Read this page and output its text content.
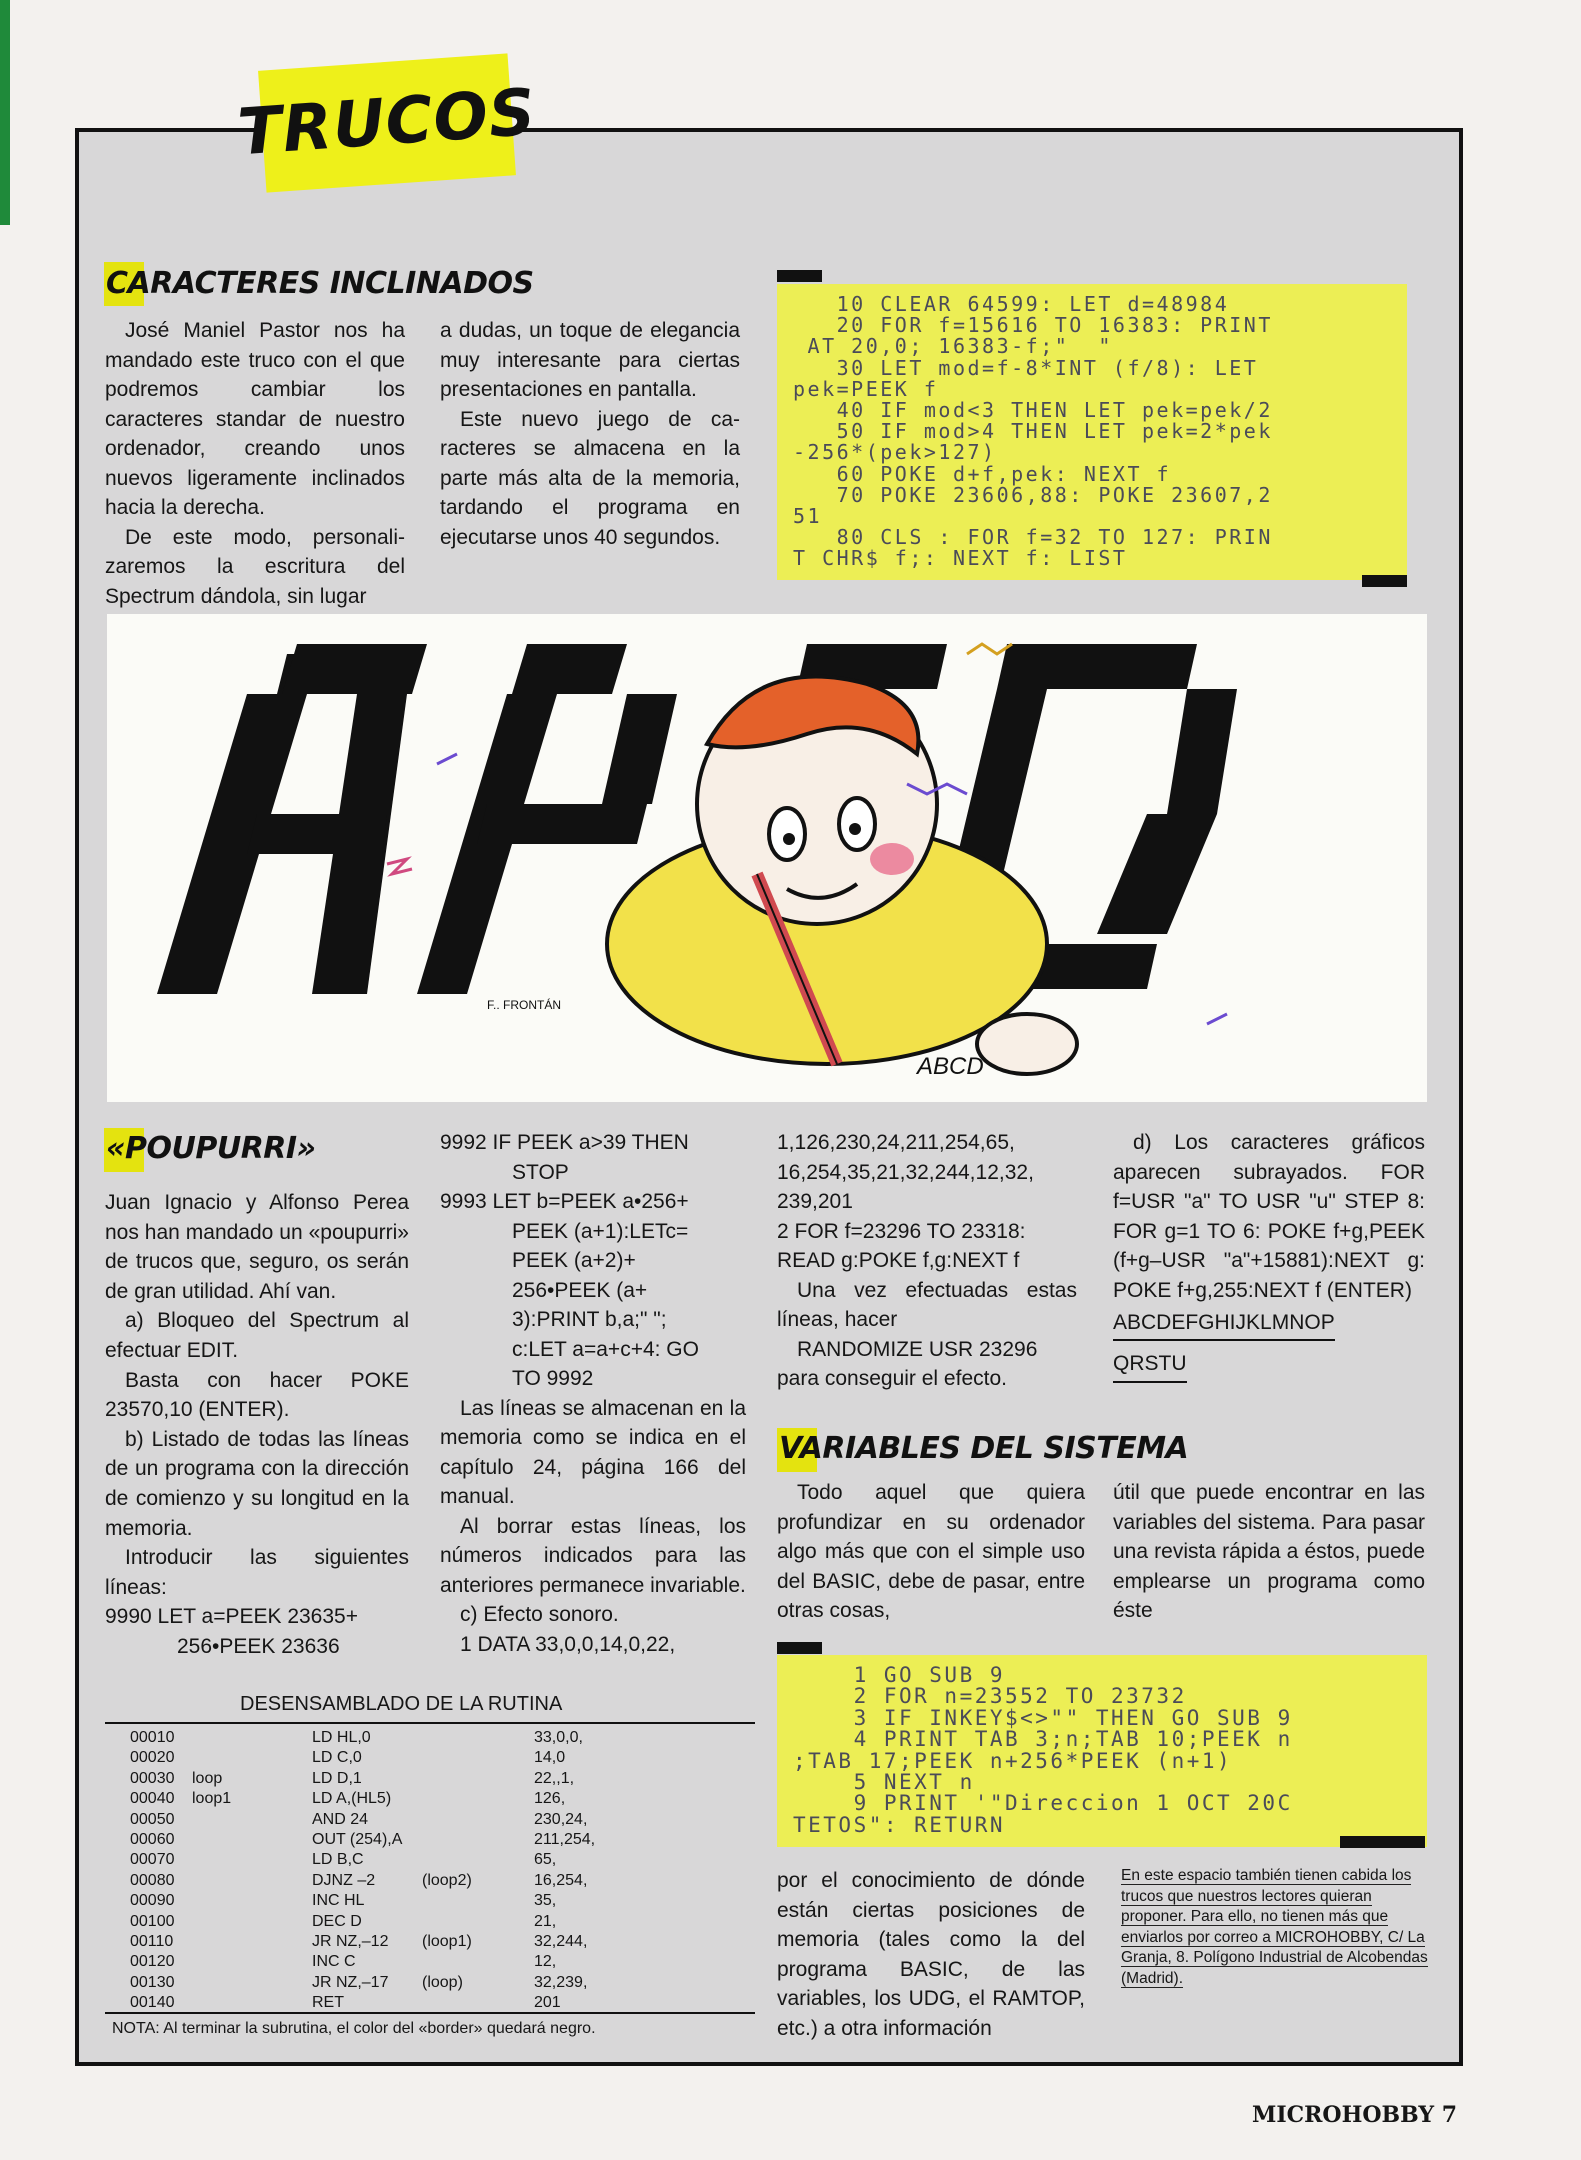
TRUCOS
CARACTERES INCLINADOS

José Maniel Pastor nos ha mandado este truco con el que podremos cambiar los caracteres standar de nuestro ordenador, creando unos nuevos ligeramente inclinados hacia la derecha.

De este modo, personalizaremos la escritura del Spectrum dándola, sin lugar

a dudas, un toque de elegancia muy interesante para ciertas presentaciones en pantalla.

Este nuevo juego de caracteres se almacena en la parte más alta de la memoria, tardando el programa en ejecutarse unos 40 segundos.

10 CLEAR 64599: LET d=48984
20 FOR f=15616 TO 16383: PRINT
AT 20,0; 16383-f;"  "
30 LET mod=f-8*INT (f/8): LET
pek=PEEK f
40 IF mod<3 THEN LET pek=pek/2
50 IF mod>4 THEN LET pek=2*pek
-256*(pek>127)
60 POKE d+f,pek: NEXT f
70 POKE 23606,88: POKE 23607,2
51
80 CLS : FOR f=32 TO 127: PRIN
T CHR$ f;: NEXT f: LIST
ABCD
F.. FRONTÁN
«POUPURRI»

Juan Ignacio y Alfonso Perea nos han mandado un «poupurri» de trucos que, seguro, os serán de gran utilidad. Ahí van.

a) Bloqueo del Spectrum al efectuar EDIT.

Basta con hacer POKE 23570,10 (ENTER).

b) Listado de todas las líneas de un programa con la dirección de comienzo y su longitud en la memoria.

Introducir las siguientes líneas:

9990 LET a=PEEK 23635+

256•PEEK 23636

9992 IF PEEK a>39 THEN

STOP

9993 LET b=PEEK a•256+

PEEK (a+1):LETc=

PEEK (a+2)+

256•PEEK (a+

3):PRINT b,a;" ";

c:LET a=a+c+4: GO

TO 9992

Las líneas se almacenan en la memoria como se indica en el capítulo 24, página 166 del manual.

Al borrar estas líneas, los números indicados para las anteriores permanece invariable.

c) Efecto sonoro.

1 DATA 33,0,0,14,0,22,

1,126,230,24,211,254,65, 16,254,35,21,32,244,12,32, 239,201

2 FOR f=23296 TO 23318: READ g:POKE f,g:NEXT f

Una vez efectuadas estas líneas, hacer

RANDOMIZE USR 23296

para conseguir el efecto.

d) Los caracteres gráficos aparecen subrayados. FOR f=USR "a" TO USR "u" STEP 8: FOR g=1 TO 6: POKE f+g,PEEK (f+g–USR "a"+15881):NEXT g: POKE f+g,255:NEXT f (ENTER)

ABCDEFGHIJKLMNOP

QRSTU

DESENSAMBLADO DE LA RUTINA
00010		LD HL,0		33,0,0,
00020		LD C,0		14,0
00030	loop	LD D,1		22,,1,
00040	loop1	LD A,(HL5)		126,
00050		AND 24		230,24,
00060		OUT (254),A		211,254,
00070		LD B,C		65,
00080		DJNZ –2	(loop2)	16,254,
00090		INC HL		35,
00100		DEC D		21,
00110		JR NZ,–12	(loop1)	32,244,
00120		INC C		12,
00130		JR NZ,–17	(loop)	32,239,
00140		RET		201
NOTA: Al terminar la subrutina, el color del «border» quedará negro.
VARIABLES DEL SISTEMA

Todo aquel que quiera profundizar en su ordenador algo más que con el simple uso del BASIC, debe de pasar, entre otras cosas,

útil que puede encontrar en las variables del sistema. Para pasar una revista rápida a éstos, puede emplearse un programa como éste

1 GO SUB 9
2 FOR n=23552 TO 23732
3 IF INKEY$<>"" THEN GO SUB 9
4 PRINT TAB 3;n;TAB 10;PEEK n
;TAB 17;PEEK n+256*PEEK (n+1)
5 NEXT n
9 PRINT '"Direccion 1 OCT 20C
TETOS": RETURN

por el conocimiento de dónde están ciertas posiciones de memoria (tales como la del programa BASIC, de las variables, los UDG, el RAMTOP, etc.) a otra información

En este espacio también tienen cabida los trucos que nuestros lectores quieran proponer. Para ello, no tienen más que enviarlos por correo a MICROHOBBY, C/ La Granja, 8. Polígono Industrial de Alcobendas (Madrid).

MICROHOBBY 7
